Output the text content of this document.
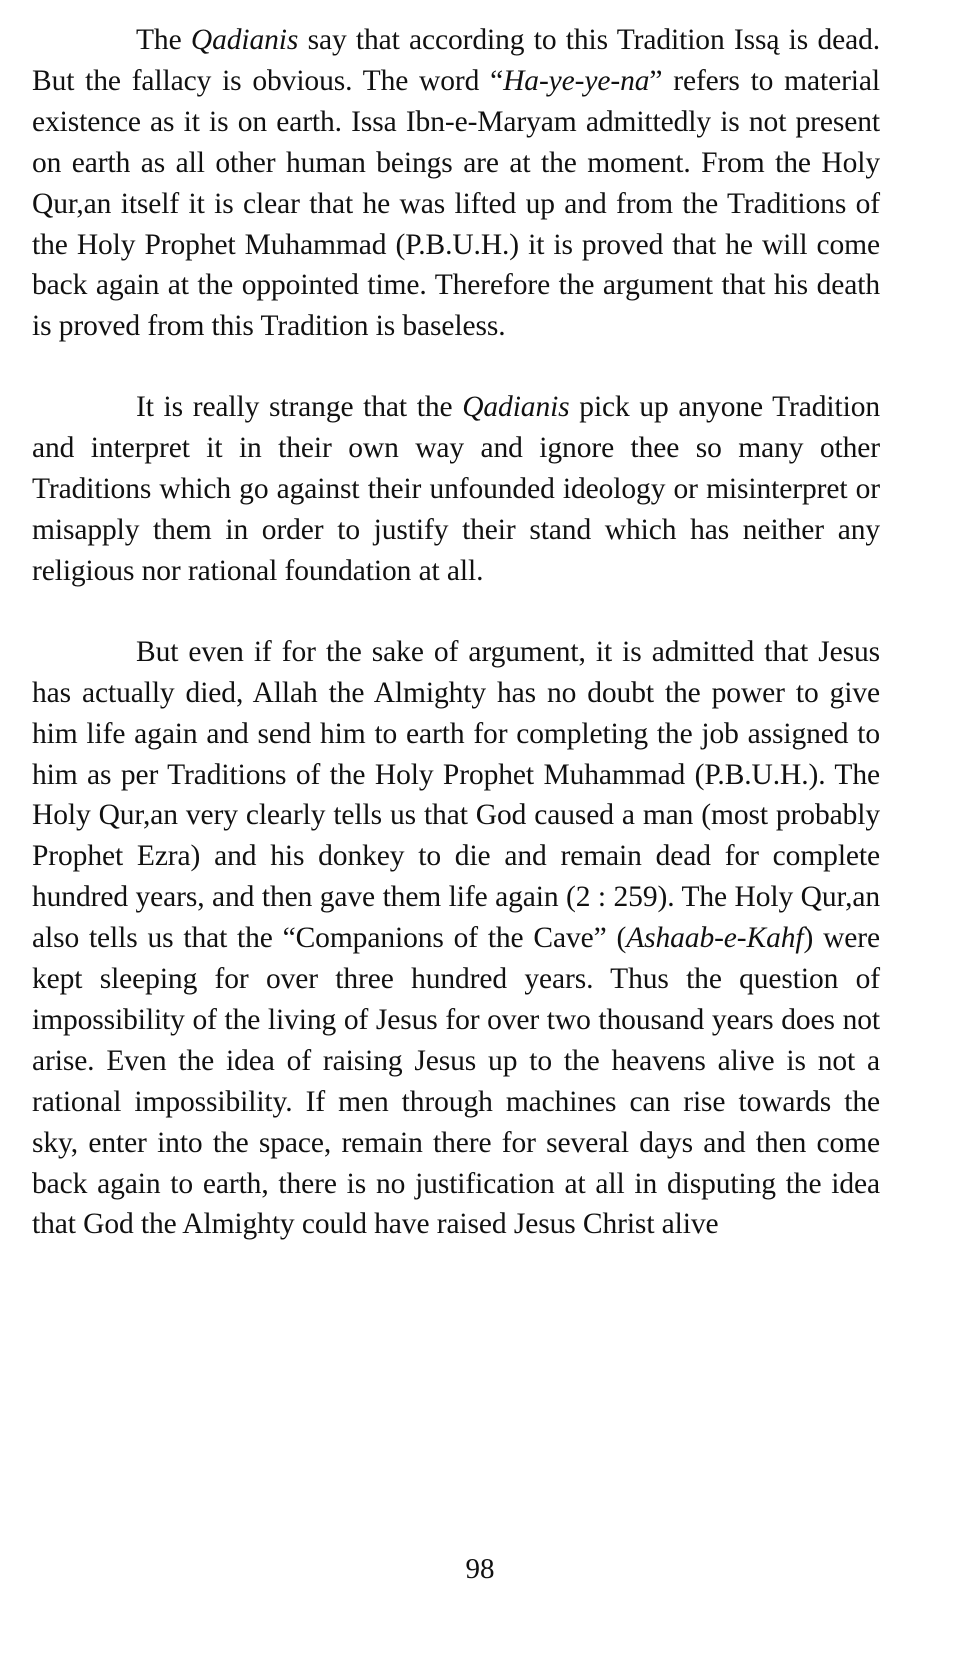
The Qadianis say that according to this Tradition Issą is dead. But the fallacy is obvious. The word “Ha-ye-ye-na” refers to material existence as it is on earth. Issa Ibn-e-Maryam admittedly is not present on earth as all other human beings are at the moment. From the Holy Qur,an itself it is clear that he was lifted up and from the Traditions of the Holy Prophet Muhammad (P.B.U.H.) it is proved that he will come back again at the oppointed time. Therefore the argument that his death is proved from this Tradition is baseless.

It is really strange that the Qadianis pick up anyone Tradition and interpret it in their own way and ignore thee so many other Traditions which go against their unfounded ideology or misinterpret or misapply them in order to justify their stand which has neither any religious nor rational foundation at all.

But even if for the sake of argument, it is admitted that Jesus has actually died, Allah the Almighty has no doubt the power to give him life again and send him to earth for completing the job assigned to him as per Traditions of the Holy Prophet Muhammad (P.B.U.H.). The Holy Qur,an very clearly tells us that God caused a man (most probably Prophet Ezra) and his donkey to die and remain dead for complete hundred years, and then gave them life again (2 : 259). The Holy Qur,an also tells us that the “Companions of the Cave” (Ashaab-e-Kahf) were kept sleeping for over three hundred years. Thus the question of impossibility of the living of Jesus for over two thousand years does not arise. Even the idea of raising Jesus up to the heavens alive is not a rational impossibility. If men through machines can rise towards the sky, enter into the space, remain there for several days and then come back again to earth, there is no justification at all in disputing the idea that God the Almighty could have raised Jesus Christ alive

98
